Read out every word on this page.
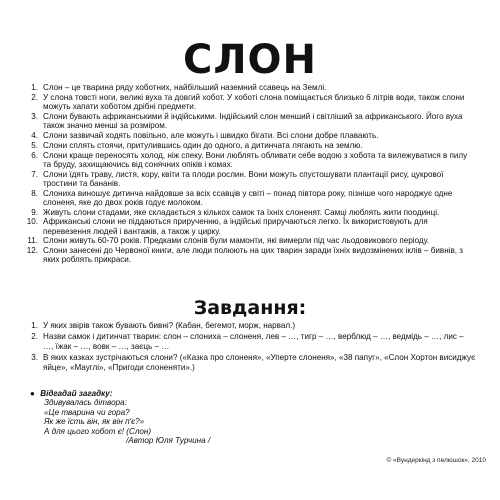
СЛОН
1. Слон – це тварина ряду хоботних, найбільший наземний ссавець на Землі.
2. У слона товсті ноги, великі вуха та довгий хобот. У хоботі слона поміщається близько 6 літрів води, також слони можуть хапати хоботом дрібні предмети.
3. Слони бувають африканськими й індійськими. Індійський слон менший і світліший за африканського. Його вуха також значно менші за розміром.
4. Слони зазвичай ходять повільно, але можуть і швидко бігати. Всі слони добре плавають.
5. Слони сплять стоячи, притулившись один до одного, а дитинчата лягають на землю.
6. Слони краще переносять холод, ніж спеку. Вони люблять обливати себе водою з хобота та вилежуватися в пилу та бруду, захищаючись від сонячних опіків і комах.
7. Слони їдять траву, листя, кору, квіти та плоди рослин. Вони можуть спустошувати плантації рису, цукрової тростини та бананів.
8. Слониха виношує дитинча найдовше за всіх ссавців у світі – понад півтора року, пізніше чого народжує одне слоненя, яке до двох років годує молоком.
9. Живуть слони стадами, яке складається з кількох самок та їхніх слоненят. Самці люблять жити поодинці.
10. Африканські слони не піддаються прирученню, а індійські приручаються легко. Їх використовують для перевезення людей і вантажів, а також у цирку.
11. Слони живуть 60-70 років. Предками слонів були мамонти, які вимерли під час льодовикового періоду.
12. Слони занесені до Червоної книги, але люди полюють на цих тварин заради їхніх видозмінених іклів – бивнів, з яких роблять прикраси.
Завдання:
1. У яких звірів також бувають бивні? (Кабан, бегемот, морж, нарвал.)
2. Назви самок і дитинчат тварин: слон – слониха – слоненя, лев – …, тигр – …, верблюд – …, ведмідь – …, лис – …, їжак – …, вовк – …, заєць – …
3. В яких казках зустрічаються слони? («Казка про слоненя», «Уперте слоненя», «38 папуг», «Слон Хортон висиджує яйце», «Мауглі», «Пригоди слоненяти».)
● Відгадай загадку:
Здивувалась дітвора:
«Це тварина чи гора?
Як же їсть він, як він п'є?»
А для цього хобот є! (Слон)
/Автор Юля Турчина /
© «Вундеркінд з пелюшок», 2010
